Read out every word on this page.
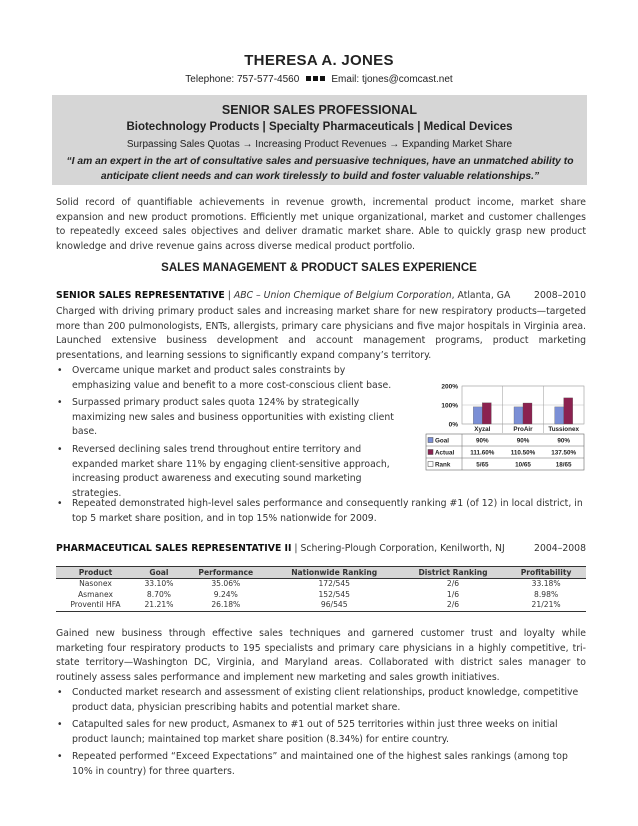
THERESA A. JONES
Telephone: 757-577-4560	Email: tjones@comcast.net
SENIOR SALES PROFESSIONAL
Biotechnology Products | Specialty Pharmaceuticals | Medical Devices
Surpassing Sales Quotas → Increasing Product Revenues → Expanding Market Share
“I am an expert in the art of consultative sales and persuasive techniques, have an unmatched ability to anticipate client needs and can work tirelessly to build and foster valuable relationships.”
Solid record of quantifiable achievements in revenue growth, incremental product income, market share expansion and new product promotions. Efficiently met unique organizational, market and customer challenges to repeatedly exceed sales objectives and deliver dramatic market share. Able to quickly grasp new product knowledge and drive revenue gains across diverse medical product portfolio.
SALES MANAGEMENT & PRODUCT SALES EXPERIENCE
SENIOR SALES REPRESENTATIVE | ABC – Union Chemique of Belgium Corporation, Atlanta, GA	2008–2010
Charged with driving primary product sales and increasing market share for new respiratory products—targeted more than 200 pulmonologists, ENTs, allergists, primary care physicians and five major hospitals in Virginia area. Launched extensive business development and account management programs, product marketing presentations, and learning sessions to significantly expand company’s territory.
• Overcame unique market and product sales constraints by emphasizing value and benefit to a more cost-conscious client base.
• Surpassed primary product sales quota 124% by strategically maximizing new sales and business opportunities with existing client base.
• Reversed declining sales trend throughout entire territory and expanded market share 11% by engaging client-sensitive approach, increasing product awareness and executing sound marketing strategies.
• Repeated demonstrated high-level sales performance and consequently ranking #1 (of 12) in local district, in top 5 market share position, and in top 15% nationwide for 2009.
0%
100%
200%
Xyzal	ProAir Tussionex
Goal	90%	90%	90%
Actual	111.60%	110.50%	137.50%
Rank	5/65	10/65	18/65
PHARMACEUTICAL SALES REPRESENTATIVE II | Schering-Plough Corporation, Kenilworth, NJ	2004–2008
Product	Goal	Performance	Nationwide Ranking	District Ranking	Profitability
Nasonex	33.10%	35.06%	172/545	2/6	33.18%
Asmanex	8.70%	9.24%	152/545	1/6	8.98%
Proventil HFA	21.21%	26.18%	96/545	2/6	21/21%
Gained new business through effective sales techniques and garnered customer trust and loyalty while marketing four respiratory products to 195 specialists and primary care physicians in a highly competitive, tri-state territory—Washington DC, Virginia, and Maryland areas. Collaborated with district sales manager to routinely assess sales performance and implement new marketing and sales growth initiatives.
• Conducted market research and assessment of existing client relationships, product knowledge, competitive product data, physician prescribing habits and potential market share.
• Catapulted sales for new product, Asmanex to #1 out of 525 territories within just three weeks on initial product launch; maintained top market share position (8.34%) for entire country.
• Repeated performed “Exceed Expectations” and maintained one of the highest sales rankings (among top 10% in country) for three quarters.
